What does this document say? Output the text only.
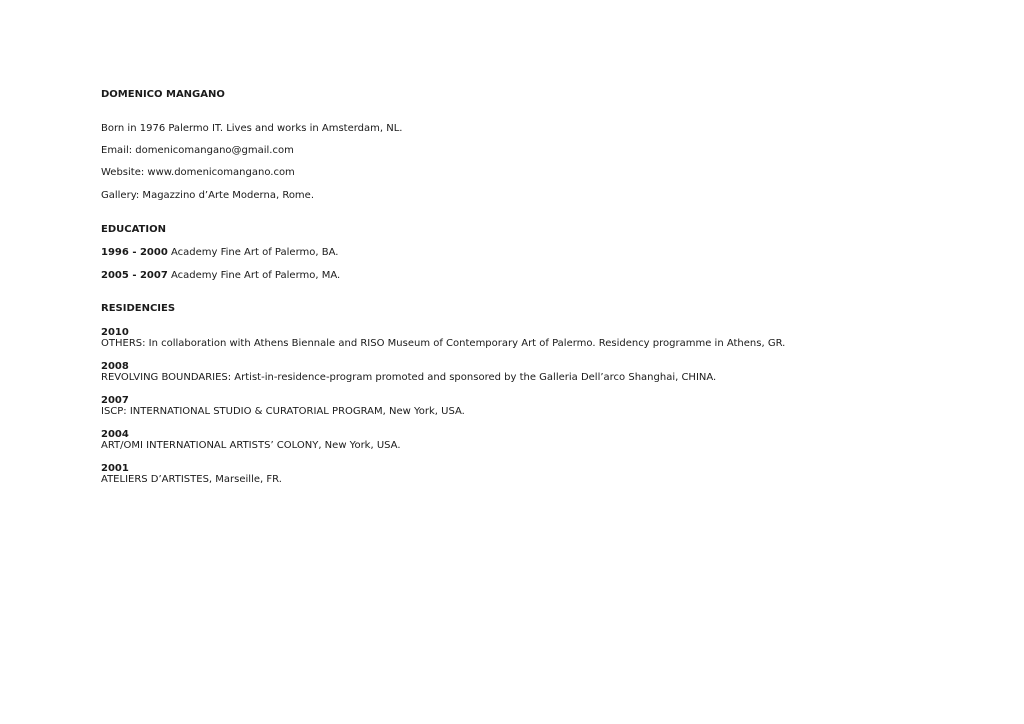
DOMENICO MANGANO

Born in 1976 Palermo IT. Lives and works in Amsterdam, NL.

Email: domenicomangano@gmail.com

Website: www.domenicomangano.com

Gallery: Magazzino d’Arte Moderna, Rome.

EDUCATION

1996 - 2000 Academy Fine Art of Palermo, BA.

2005 - 2007 Academy Fine Art of Palermo, MA.

RESIDENCIES

2010

OTHERS: In collaboration with Athens Biennale and RISO Museum of Contemporary Art of Palermo. Residency programme in Athens, GR.

2008

REVOLVING BOUNDARIES: Artist-in-residence-program promoted and sponsored by the Galleria Dell’arco Shanghai, CHINA.

2007

ISCP: INTERNATIONAL STUDIO & CURATORIAL PROGRAM, New York, USA.

2004

ART/OMI INTERNATIONAL ARTISTS’ COLONY, New York, USA.

2001

ATELIERS D’ARTISTES, Marseille, FR.
